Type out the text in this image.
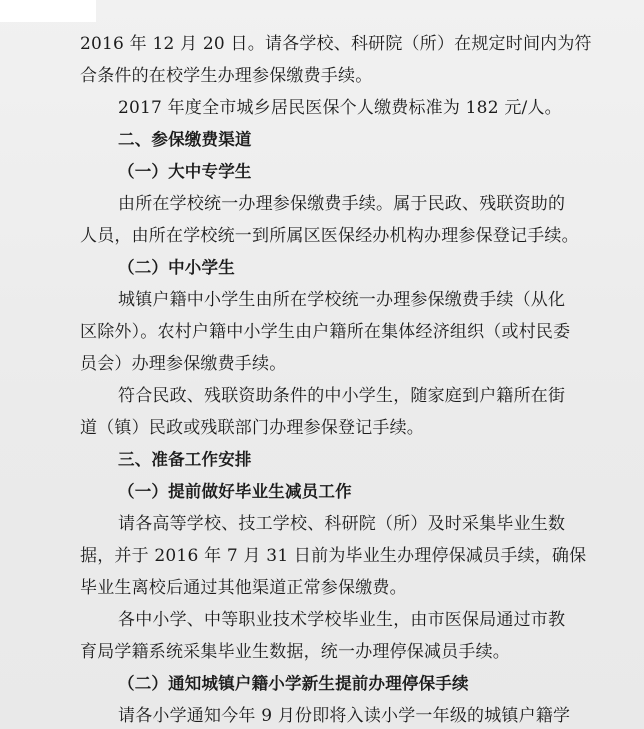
2016 年 12 月 20 日。请各学校、科研院（所）在规定时间内为符
合条件的在校学生办理参保缴费手续。
2017 年度全市城乡居民医保个人缴费标准为 182 元/人。
二、参保缴费渠道
（一）大中专学生
由所在学校统一办理参保缴费手续。属于民政、残联资助的
人员，由所在学校统一到所属区医保经办机构办理参保登记手续。
（二）中小学生
城镇户籍中小学生由所在学校统一办理参保缴费手续（从化
区除外）。农村户籍中小学生由户籍所在集体经济组织（或村民委
员会）办理参保缴费手续。
符合民政、残联资助条件的中小学生，随家庭到户籍所在街
道（镇）民政或残联部门办理参保登记手续。
三、准备工作安排
（一）提前做好毕业生减员工作
请各高等学校、技工学校、科研院（所）及时采集毕业生数
据，并于 2016 年 7 月 31 日前为毕业生办理停保减员手续，确保
毕业生离校后通过其他渠道正常参保缴费。
各中小学、中等职业技术学校毕业生，由市医保局通过市教
育局学籍系统采集毕业生数据，统一办理停保减员手续。
（二）通知城镇户籍小学新生提前办理停保手续
请各小学通知今年 9 月份即将入读小学一年级的城镇户籍学
